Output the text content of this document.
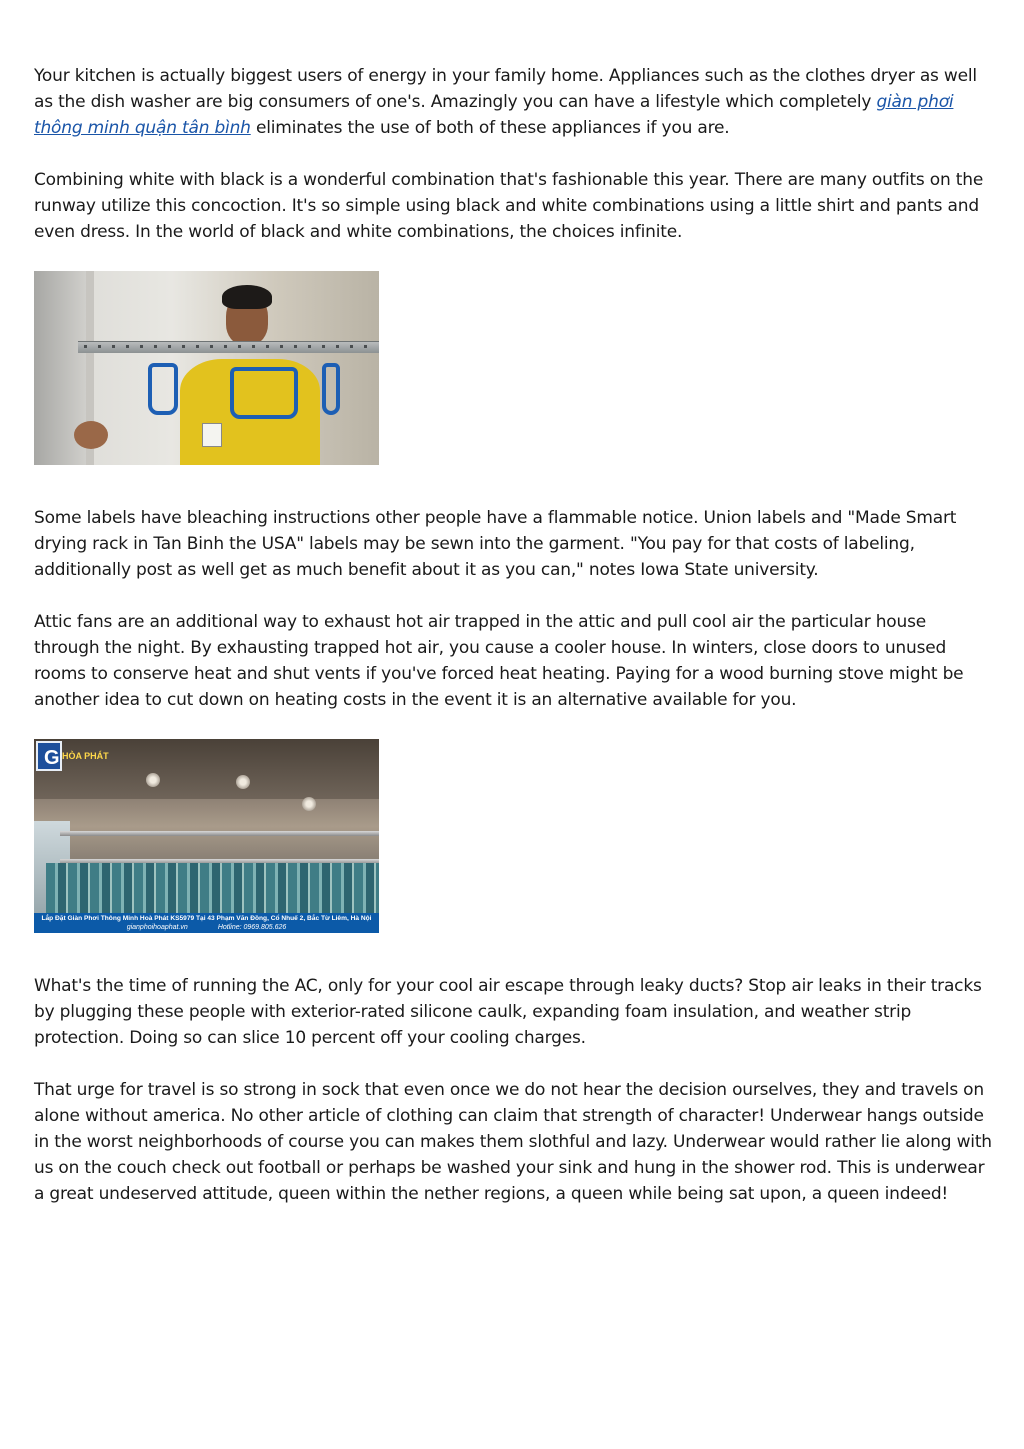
Your kitchen is actually biggest users of energy in your family home. Appliances such as the clothes dryer as well as the dish washer are big consumers of one's. Amazingly you can have a lifestyle which completely giàn phơi thông minh quận tân bình eliminates the use of both of these appliances if you are.

Combining white with black is a wonderful combination that's fashionable this year. There are many outfits on the runway utilize this concoction. It's so simple using black and white combinations using a little shirt and pants and even dress. In the world of black and white combinations, the choices infinite.

Some labels have bleaching instructions other people have a flammable notice. Union labels and "Made Smart drying rack in Tan Binh the USA" labels may be sewn into the garment. "You pay for that costs of labeling, additionally post as well get as much benefit about it as you can," notes Iowa State university.

Attic fans are an additional way to exhaust hot air trapped in the attic and pull cool air the particular house through the night. By exhausting trapped hot air, you cause a cooler house. In winters, close doors to unused rooms to conserve heat and shut vents if you've forced heat heating. Paying for a wood burning stove might be another idea to cut down on heating costs in the event it is an alternative available for you.

G HÒA PHÁT
Lắp Đặt Giàn Phơi Thông Minh Hoà Phát KS5979 Tại 43 Phạm Văn Đồng, Cổ Nhuế 2, Bắc Từ Liêm, Hà Nội
gianphoihoaphat.vn	Hotline: 0969.805.626

What's the time of running the AC, only for your cool air escape through leaky ducts? Stop air leaks in their tracks by plugging these people with exterior-rated silicone caulk, expanding foam insulation, and weather strip protection. Doing so can slice 10 percent off your cooling charges.

That urge for travel is so strong in sock that even once we do not hear the decision ourselves, they and travels on alone without america. No other article of clothing can claim that strength of character! Underwear hangs outside in the worst neighborhoods of course you can makes them slothful and lazy. Underwear would rather lie along with us on the couch check out football or perhaps be washed your sink and hung in the shower rod. This is underwear a great undeserved attitude, queen within the nether regions, a queen while being sat upon, a queen indeed!
